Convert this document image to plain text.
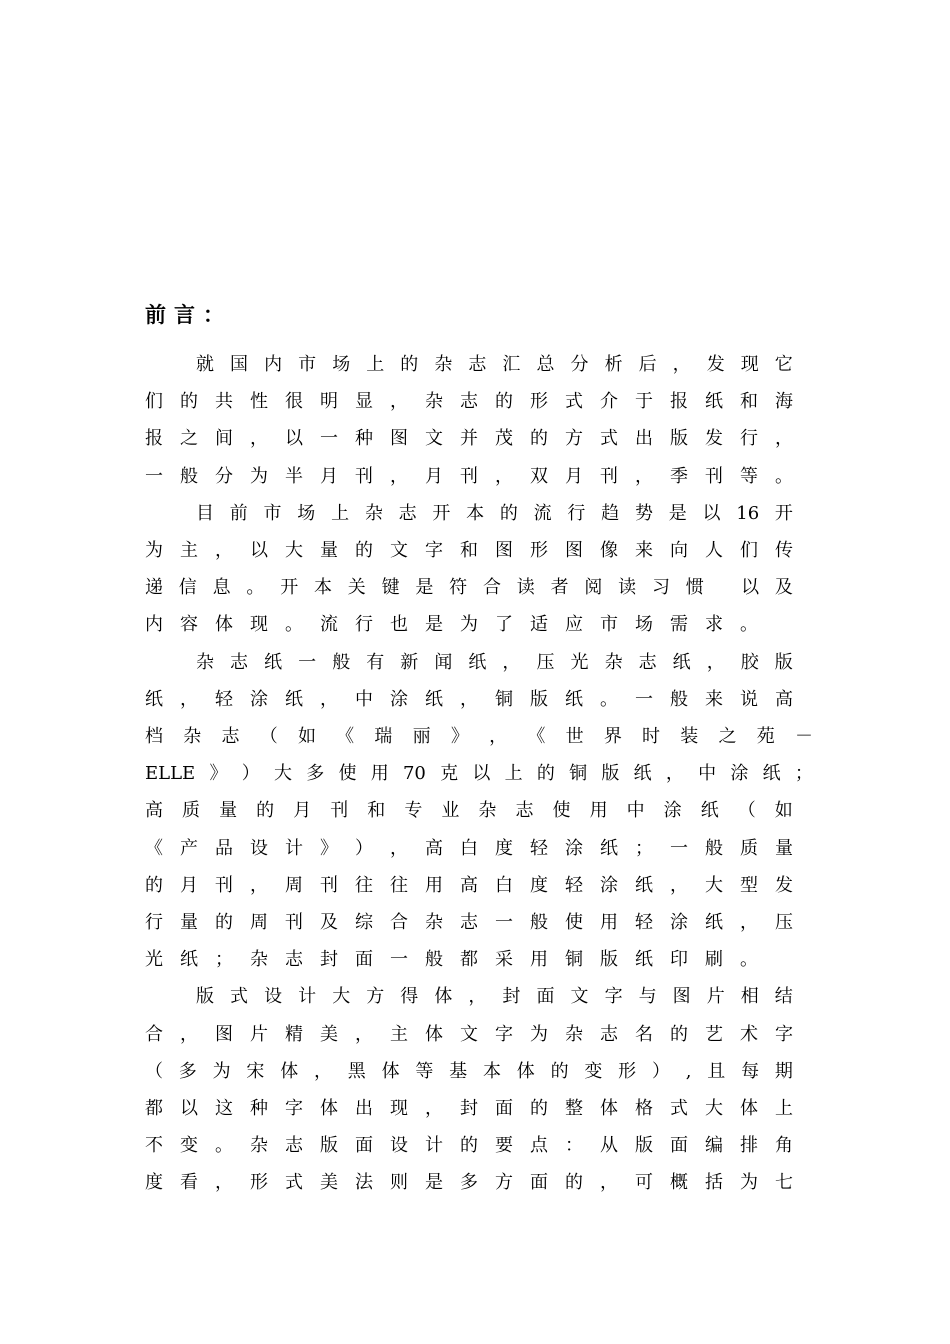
前言：
就 国 内 市 场 上 的 杂 志 汇 总 分 析 后 ， 发 现 它
们 的 共 性 很 明 显 ， 杂 志 的 形 式 介 于 报 纸 和 海
报 之 间 ， 以 一 种 图 文 并 茂 的 方 式 出 版 发 行 ，
一 般 分 为 半 月 刊 ， 月 刊 ， 双 月 刊 ， 季 刊 等 。
目 前 市 场 上 杂 志 开 本 的 流 行 趋 势 是 以 16 开
为 主 ， 以 大 量 的 文 字 和 图 形 图 像 来 向 人 们 传
递 信 息 。 开 本 关 键 是 符 合 读 者 阅 读 习 惯
以 及
内 容 体 现 。 流 行 也 是 为 了 适 应 市 场 需 求 。
杂 志 纸 一 般 有 新 闻 纸 ， 压 光 杂 志 纸 ， 胶 版
纸 ， 轻 涂 纸 ， 中 涂 纸 ， 铜 版 纸 。 一 般 来 说 高
档 杂 志 （ 如 《 瑞 丽 》 ， 《 世 界 时 装 之 苑 －
ELLE 》 ） 大 多 使 用 70 克 以 上 的 铜 版 纸 ， 中 涂 纸 ；
高 质 量 的 月 刊 和 专 业 杂 志 使 用 中 涂 纸 （ 如
《 产 品 设 计 》 ） ， 高 白 度 轻 涂 纸 ； 一 般 质 量
的 月 刊 ， 周 刊 往 往 用 高 白 度 轻 涂 纸 ， 大 型 发
行 量 的 周 刊 及 综 合 杂 志 一 般 使 用 轻 涂 纸 ， 压
光 纸 ； 杂 志 封 面 一 般 都 采 用 铜 版 纸 印 刷 。
版 式 设 计 大 方 得 体 ， 封 面 文 字 与 图 片 相 结
合 ， 图 片 精 美 ， 主 体 文 字 为 杂 志 名 的 艺 术 字
（ 多 为 宋 体 ， 黑 体 等 基 本 体 的 变 形 ） , 且 每 期
都 以 这 种 字 体 出 现 ， 封 面 的 整 体 格 式 大 体 上
不 变 。 杂 志 版 面 设 计 的 要 点 ： 从 版 面 编 排 角
度 看 ， 形 式 美 法 则 是 多 方 面 的 ， 可 概 括 为 七
